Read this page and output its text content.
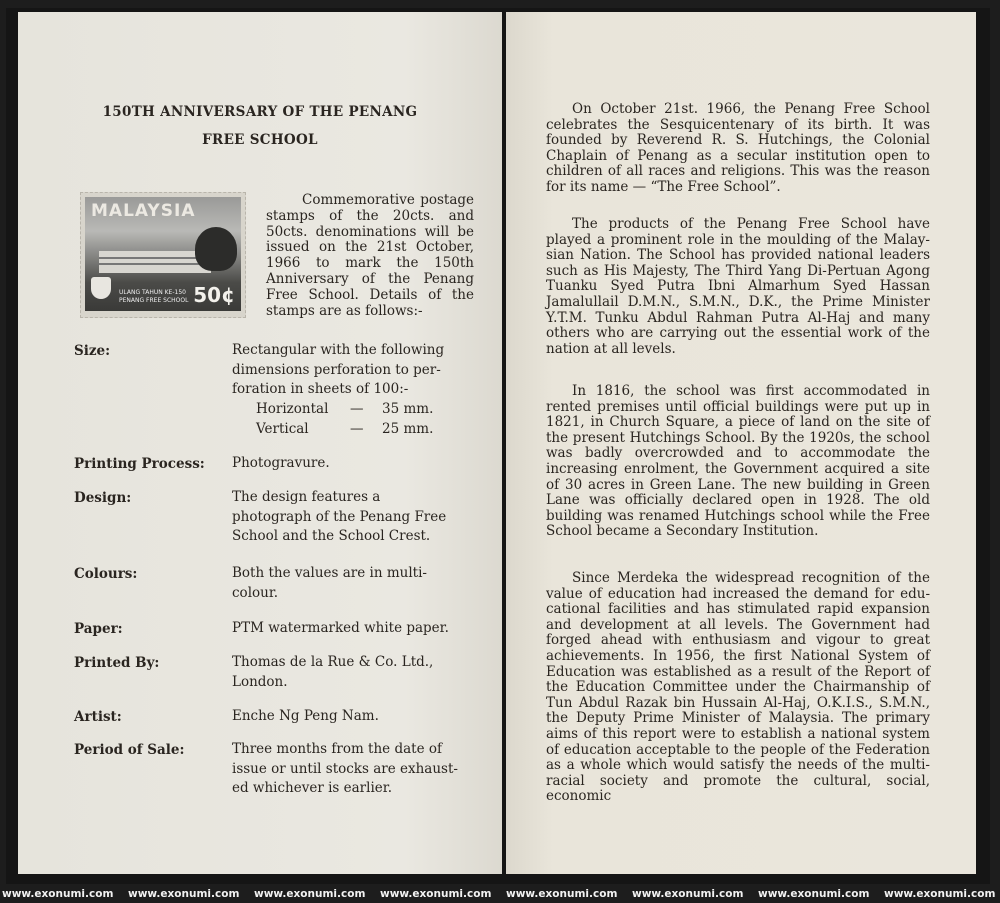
150TH ANNIVERSARY OF THE PENANG
FREE SCHOOL
MALAYSIA
ULANG TAHUN KE-150 PENANG FREE SCHOOL 50¢
Commemorative postage stamps of the 20cts. and 50cts. denominations will be issued on the 21st October, 1966 to mark the 150th Anniversary of the Penang Free School. Details of the stamps are as follows:-
Size:	Rectangular with the following dimensions perforation to per- foration in sheets of 100:-
Horizontal — 35 mm.
Vertical	— 25 mm.
Printing Process: Photogravure.
Design:	The design features a photograph of the Penang Free School and the School Crest.
Colours:	Both the values are in multi- colour.
Paper:	PTM watermarked white paper.
Printed By:	Thomas de la Rue & Co. Ltd., London.
Artist:	Enche Ng Peng Nam.
Period of Sale:	Three months from the date of issue or until stocks are exhaust- ed whichever is earlier.
On October 21st. 1966, the Penang Free School celebrates the Sesquicentenary of its birth. It was founded by Reverend R. S. Hutchings, the Colonial Chaplain of Penang as a secular institution open to children of all races and religions. This was the reason for its name — “The Free School”.
The products of the Penang Free School have played a prominent role in the moulding of the Malay- sian Nation. The School has provided national leaders such as His Majesty, The Third Yang Di-Pertuan Agong Tuanku Syed Putra Ibni Almarhum Syed Hassan Jamalullail D.M.N., S.M.N., D.K., the Prime Minister Y.T.M. Tunku Abdul Rahman Putra Al-Haj and many others who are carrying out the essential work of the nation at all levels.
In 1816, the school was first accommodated in rented premises until official buildings were put up in 1821, in Church Square, a piece of land on the site of the present Hutchings School. By the 1920s, the school was badly overcrowded and to accommodate the increasing enrolment, the Government acquired a site of 30 acres in Green Lane. The new building in Green Lane was officially declared open in 1928. The old building was renamed Hutchings school while the Free School became a Secondary Institution.
Since Merdeka the widespread recognition of the value of education had increased the demand for edu- cational facilities and has stimulated rapid expansion and development at all levels. The Government had forged ahead with enthusiasm and vigour to great achievements. In 1956, the first National System of Education was established as a result of the Report of the Education Committee under the Chairmanship of Tun Abdul Razak bin Hussain Al-Haj, O.K.I.S., S.M.N., the Deputy Prime Minister of Malaysia. The primary aims of this report were to establish a national system of education acceptable to the people of the Federation as a whole which would satisfy the needs of the multi- racial society and promote the cultural, social, economic
www.exonumi.com www.exonumi.com www.exonumi.com www.exonumi.com www.exonumi.com www.exonumi.com www.exonumi.com www.exonumi.com
